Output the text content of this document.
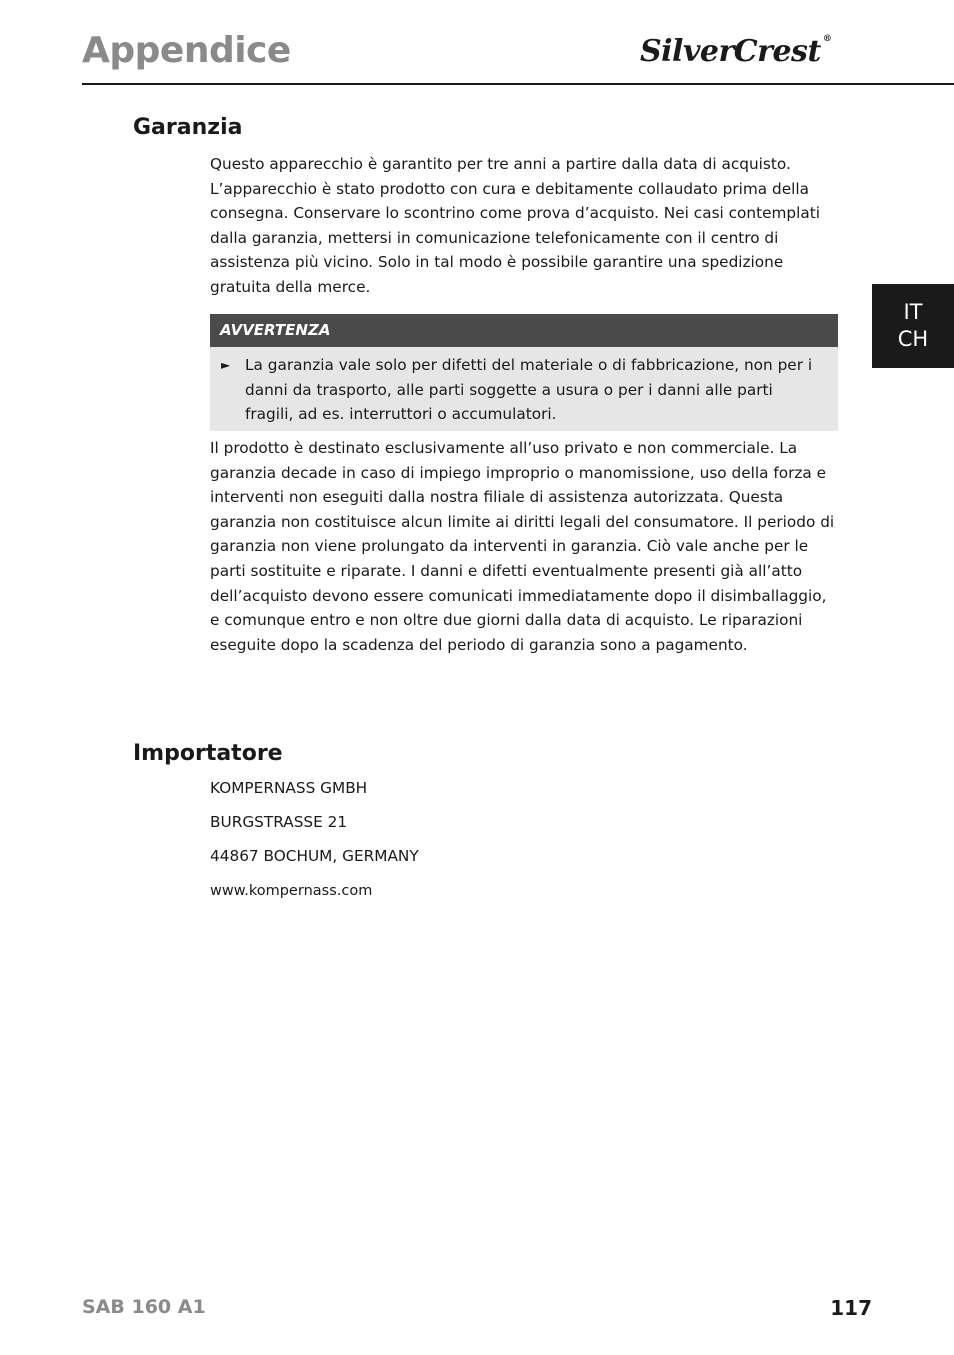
Appendice	SilverCrest ®
IT
CH
Garanzia

Questo apparecchio è garantito per tre anni a partire dalla data di acquisto. L’apparecchio è stato prodotto con cura e debitamente collaudato prima della consegna. Conservare lo scontrino come prova d’acquisto. Nei casi contemplati dalla garanzia, mettersi in comunicazione telefonicamente con il centro di assistenza più vicino. Solo in tal modo è possibile garantire una spedizione gratuita della merce.

AVVERTENZA
► La garanzia vale solo per difetti del materiale o di fabbricazione, non per i danni da trasporto, alle parti soggette a usura o per i danni alle parti fragili, ad es. interruttori o accumulatori.

Il prodotto è destinato esclusivamente all’uso privato e non commerciale. La garanzia decade in caso di impiego improprio o manomissione, uso della forza e interventi non eseguiti dalla nostra filiale di assistenza autorizzata. Questa garanzia non costituisce alcun limite ai diritti legali del consumatore. Il periodo di garanzia non viene prolungato da interventi in garanzia. Ciò vale anche per le parti sostituite e riparate. I danni e difetti eventualmente presenti già all’atto dell’acquisto devono essere comunicati immediatamente dopo il disimballaggio, e comunque entro e non oltre due giorni dalla data di acquisto. Le riparazioni eseguite dopo la scadenza del periodo di garanzia sono a pagamento.

Importatore

KOMPERNASS GMBH

BURGSTRASSE 21

44867 BOCHUM, GERMANY

www.kompernass.com

SAB 160 A1	117
